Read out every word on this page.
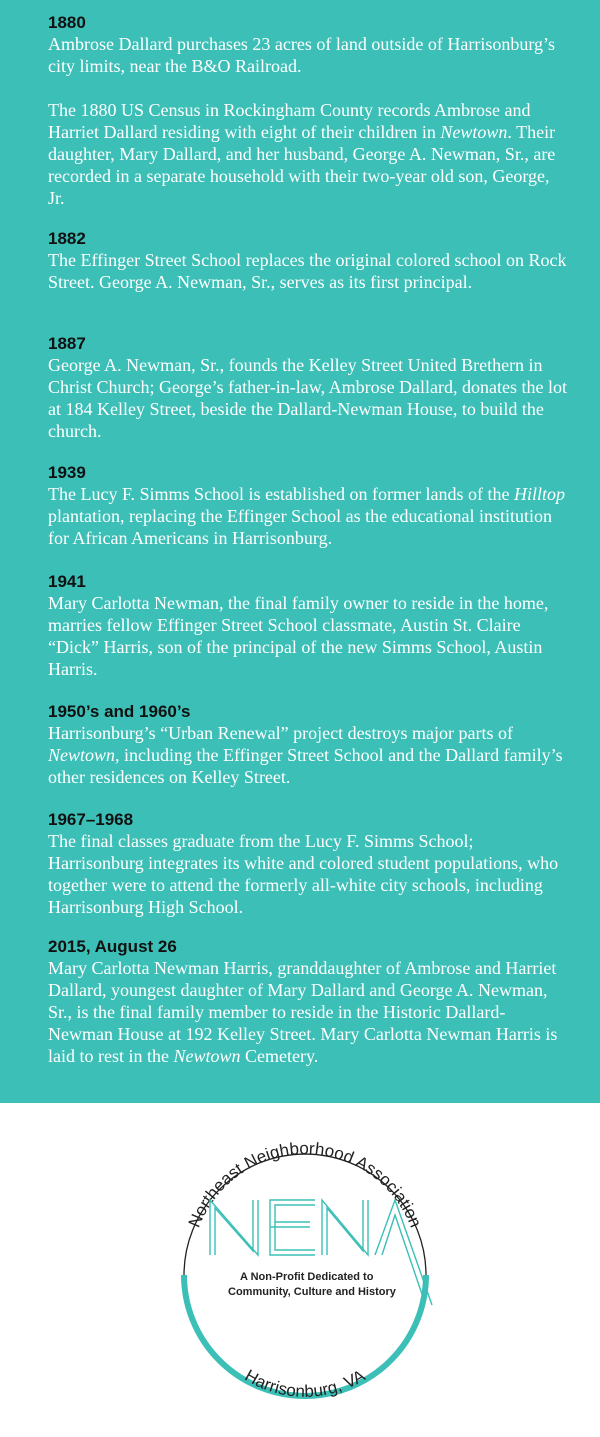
1880

Ambrose Dallard purchases 23 acres of land outside of Harrisonburg’s city limits, near the B&O Railroad.

The 1880 US Census in Rockingham County records Ambrose and Harriet Dallard residing with eight of their children in Newtown. Their daughter, Mary Dallard, and her husband, George A. Newman, Sr., are recorded in a separate household with their two-year old son, George, Jr.

1882

The Effinger Street School replaces the original colored school on Rock Street. George A. Newman, Sr., serves as its first principal.

1887

George A. Newman, Sr., founds the Kelley Street United Brethern in Christ Church; George’s father-in-law, Ambrose Dallard, donates the lot at 184 Kelley Street, beside the Dallard-Newman House, to build the church.

1939

The Lucy F. Simms School is established on former lands of the Hilltop plantation, replacing the Effinger School as the educational institution for African Americans in Harrisonburg.

1941

Mary Carlotta Newman, the final family owner to reside in the home, marries fellow Effinger Street School classmate, Austin St. Claire “Dick” Harris, son of the principal of the new Simms School, Austin Harris.

1950’s and 1960’s

Harrisonburg’s “Urban Renewal” project destroys major parts of Newtown, including the Effinger Street School and the Dallard family’s other residences on Kelley Street.

1967–1968

The final classes graduate from the Lucy F. Simms School; Harrisonburg integrates its white and colored student populations, who together were to attend the formerly all-white city schools, including Harrisonburg High School.

2015, August 26

Mary Carlotta Newman Harris, granddaughter of Ambrose and Harriet Dallard, youngest daughter of Mary Dallard and George A. Newman, Sr., is the final family member to reside in the Historic Dallard-Newman House at 192 Kelley Street. Mary Carlotta Newman Harris is laid to rest in the Newtown Cemetery.

Northeast Neighborhood Association
Harrisonburg, VA
A Non-Profit Dedicated to
Community, Culture and History
